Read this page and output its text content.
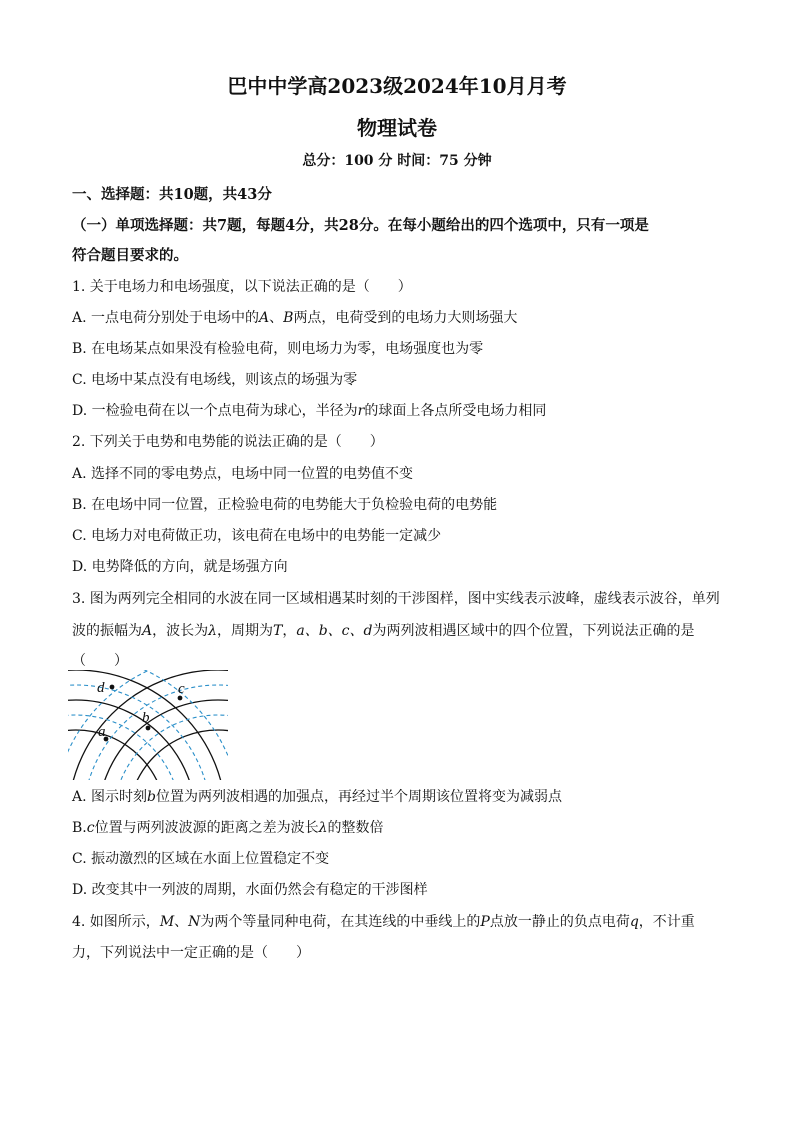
巴中中学高2023级2024年10月月考
物理试卷
总分：100 分 时间：75 分钟
一、选择题：共10题，共43分
（一）单项选择题：共7题，每题4分，共28分。在每小题给出的四个选项中，只有一项是
符合题目要求的。
1. 关于电场力和电场强度，以下说法正确的是（　　）
A. 一点电荷分别处于电场中的A、B两点，电荷受到的电场力大则场强大
B. 在电场某点如果没有检验电荷，则电场力为零，电场强度也为零
C. 电场中某点没有电场线，则该点的场强为零
D. 一检验电荷在以一个点电荷为球心，半径为r的球面上各点所受电场力相同
2. 下列关于电势和电势能的说法正确的是（　　）
A. 选择不同的零电势点，电场中同一位置的电势值不变
B. 在电场中同一位置，正检验电荷的电势能大于负检验电荷的电势能
C. 电场力对电荷做正功，该电荷在电场中的电势能一定减少
D. 电势降低的方向，就是场强方向
3. 图为两列完全相同的水波在同一区域相遇某时刻的干涉图样，图中实线表示波峰，虚线表示波谷，单列
波的振幅为A，波长为λ，周期为T，a、b、c、d为两列波相遇区域中的四个位置，下列说法正确的是
（　　）
d	c
b
a
A. 图示时刻b位置为两列波相遇的加强点，再经过半个周期该位置将变为减弱点
B.c位置与两列波波源的距离之差为波长λ的整数倍
C. 振动激烈的区域在水面上位置稳定不变
D. 改变其中一列波的周期，水面仍然会有稳定的干涉图样
4. 如图所示，M、N为两个等量同种电荷，在其连线的中垂线上的P点放一静止的负点电荷q，不计重
力，下列说法中一定正确的是（　　）
